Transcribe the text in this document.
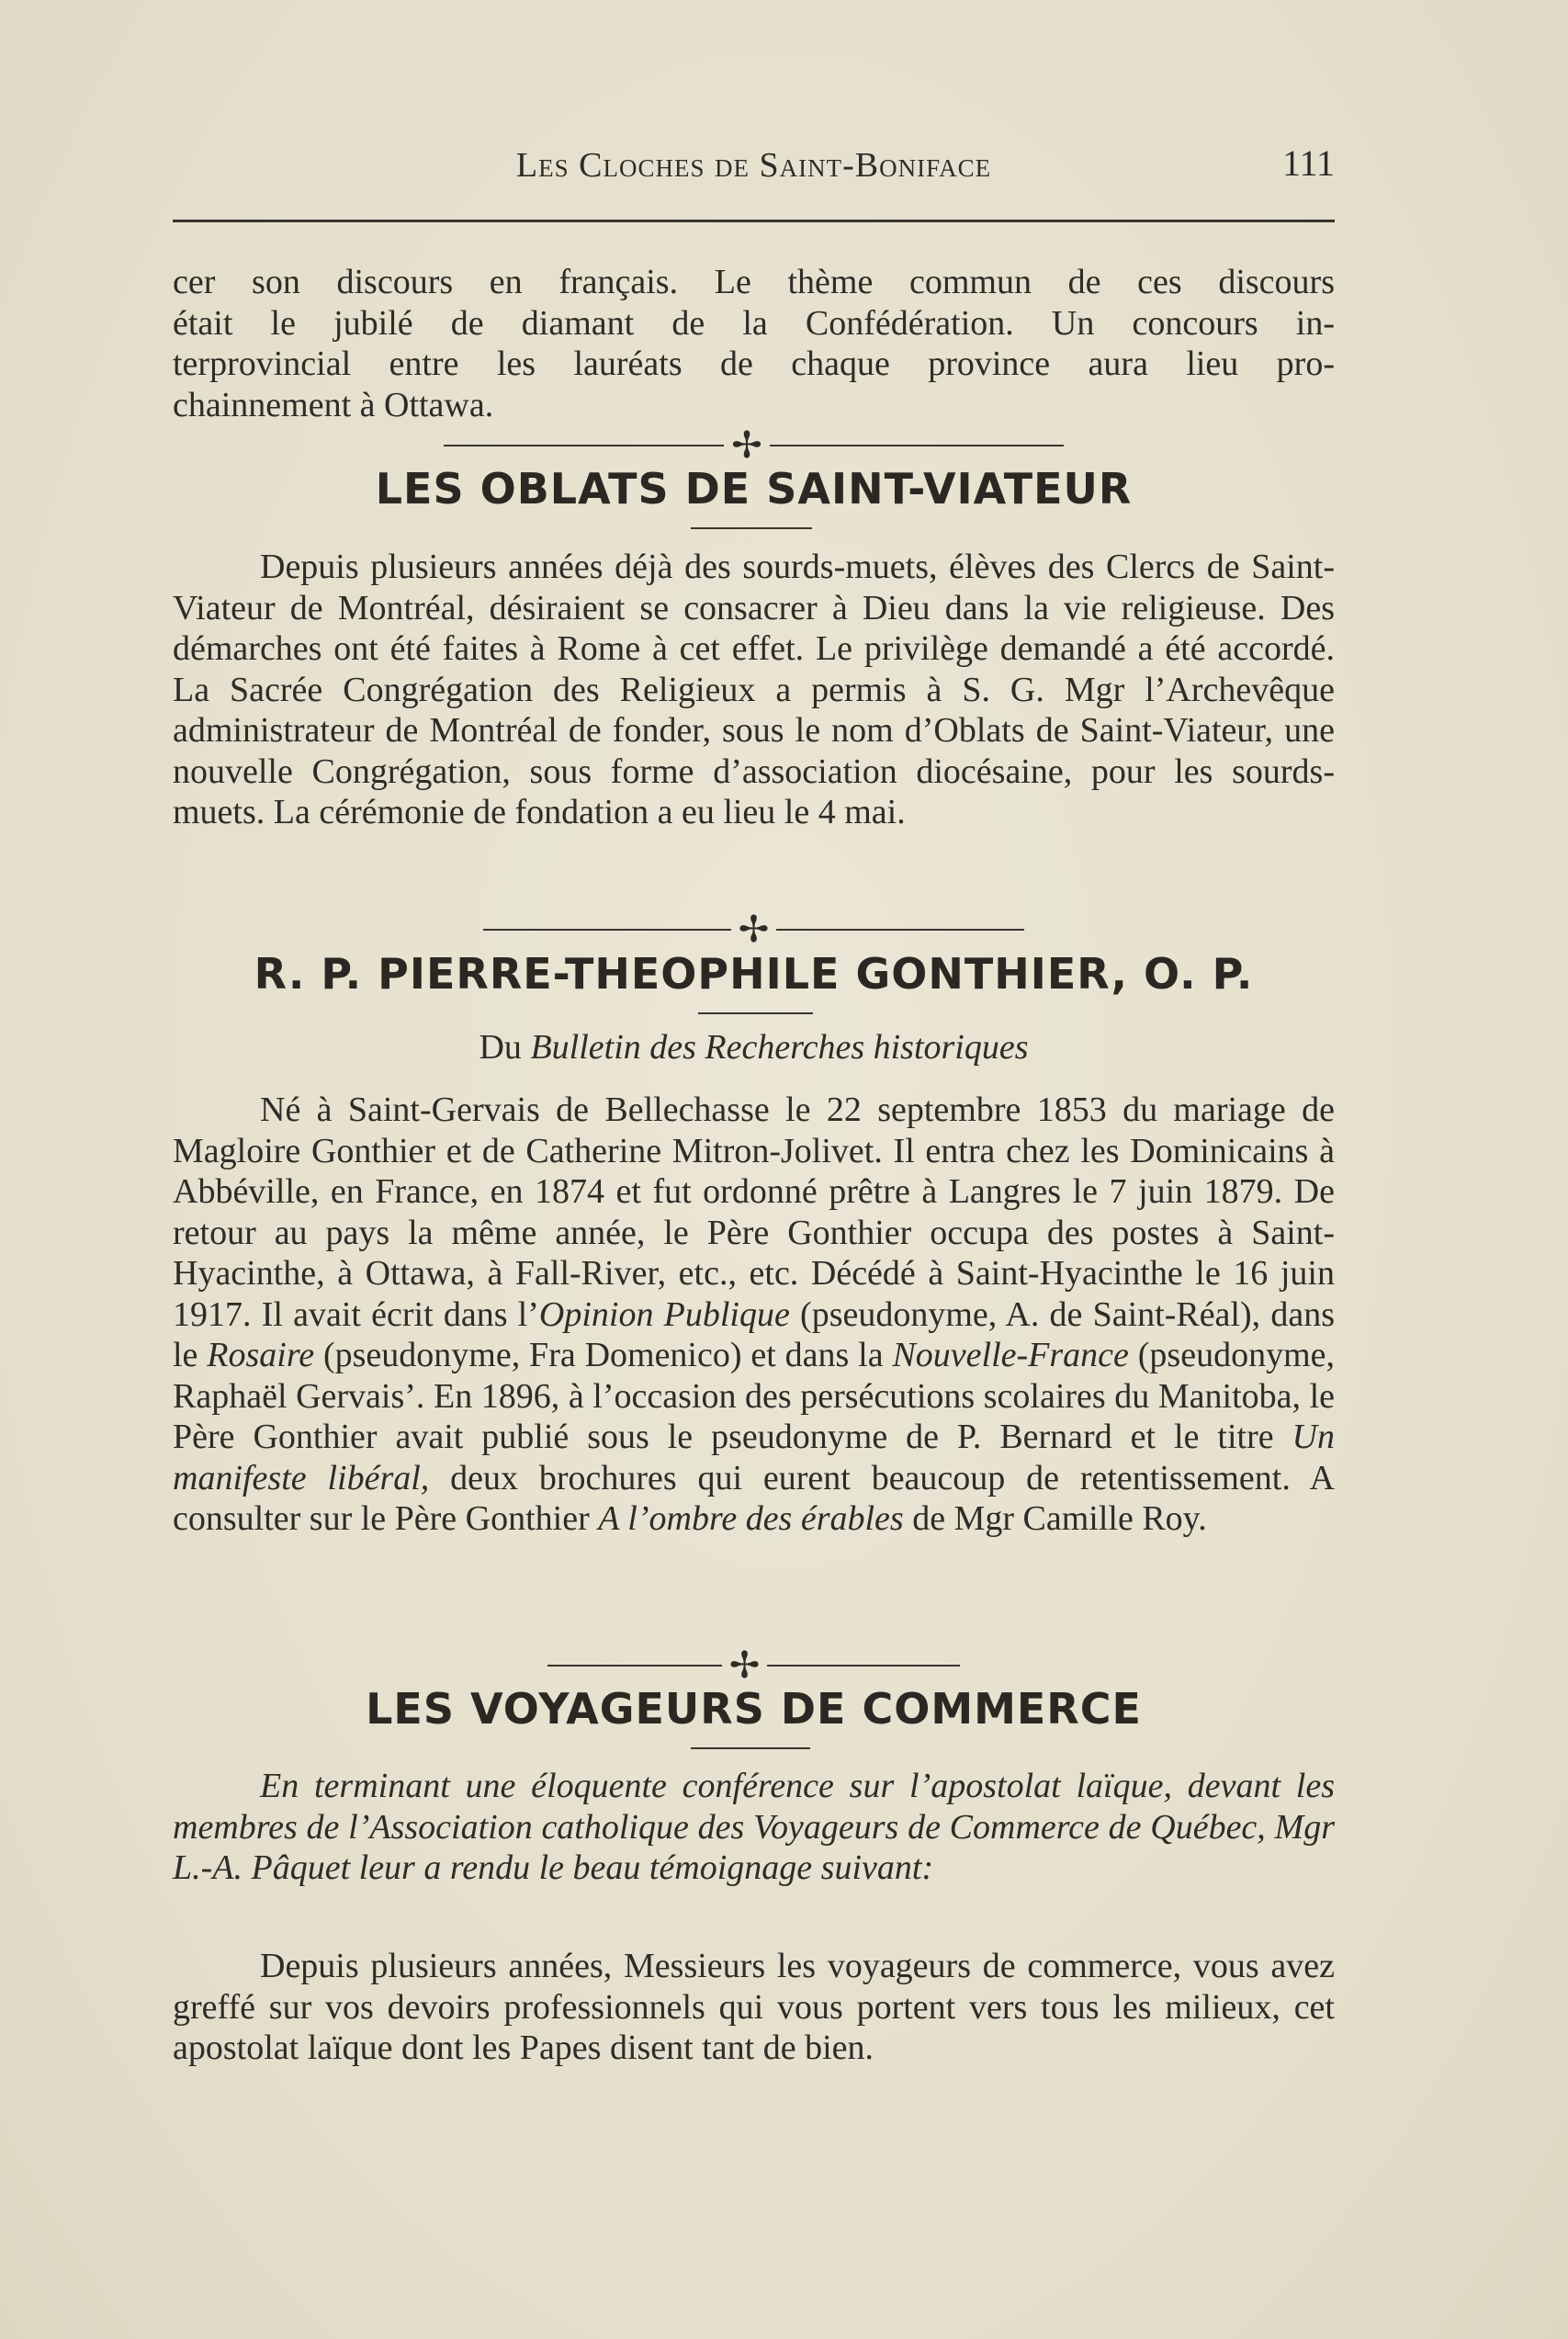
Les Cloches de Saint-Boniface	111

cer son discours en français. Le thème commun de ces discours

était le jubilé de diamant de la Confédération. Un concours in-

terprovincial entre les lauréats de chaque province aura lieu pro-

chainnement à Ottawa.

✢
LES OBLATS DE SAINT-VIATEUR

Depuis plusieurs années déjà des sourds-muets, élèves des Clercs de Saint-Viateur de Montréal, désiraient se consacrer à Dieu dans la vie religieuse. Des démarches ont été faites à Rome à cet effet. Le privilège demandé a été accordé. La Sacrée Congrégation des Religieux a permis à S. G. Mgr l’Archevêque administrateur de Montréal de fonder, sous le nom d’Oblats de Saint-Viateur, une nouvelle Congrégation, sous forme d’association diocésaine, pour les sourds-muets. La cérémonie de fondation a eu lieu le 4 mai.

✢
R. P. PIERRE-THEOPHILE GONTHIER, O. P.
Du Bulletin des Recherches historiques

Né à Saint-Gervais de Bellechasse le 22 septembre 1853 du mariage de Magloire Gonthier et de Catherine Mitron-Jolivet. Il entra chez les Dominicains à Abbéville, en France, en 1874 et fut ordonné prêtre à Langres le 7 juin 1879. De retour au pays la même année, le Père Gonthier occupa des postes à Saint-Hyacinthe, à Ottawa, à Fall-River, etc., etc. Décédé à Saint-Hyacinthe le 16 juin 1917. Il avait écrit dans l’Opinion Publique (pseudonyme, A. de Saint-Réal), dans le Rosaire (pseudonyme, Fra Domenico) et dans la Nouvelle-France (pseudonyme, Raphaël Gervais’. En 1896, à l’occasion des persécutions scolaires du Manitoba, le Père Gonthier avait publié sous le pseudonyme de P. Bernard et le titre Un manifeste libéral, deux brochures qui eurent beaucoup de retentissement. A consulter sur le Père Gonthier A l’ombre des érables de Mgr Camille Roy.

✢
LES VOYAGEURS DE COMMERCE

En terminant une éloquente conférence sur l’apostolat laïque, devant les membres de l’Association catholique des Voyageurs de Commerce de Québec, Mgr L.-A. Pâquet leur a rendu le beau témoignage suivant:

Depuis plusieurs années, Messieurs les voyageurs de commerce, vous avez greffé sur vos devoirs professionnels qui vous portent vers tous les milieux, cet apostolat laïque dont les Papes disent tant de bien.
